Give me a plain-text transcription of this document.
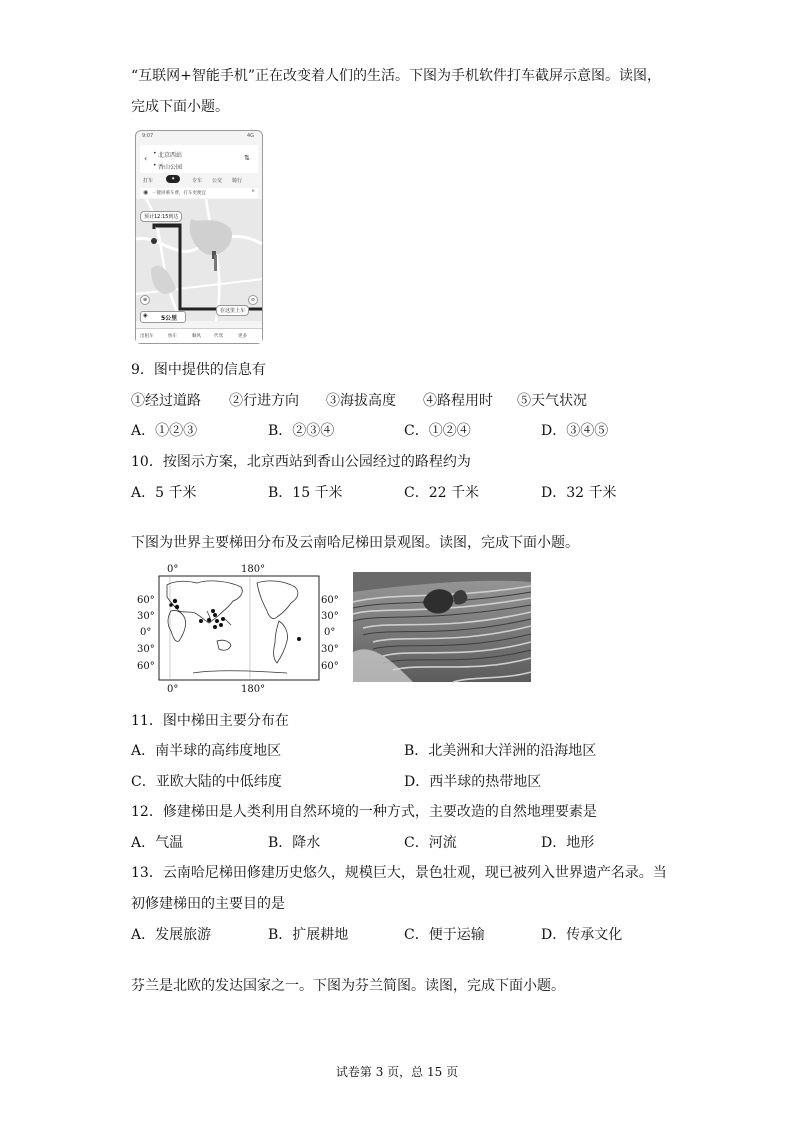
“互联网+智能手机”正在改变着人们的生活。下图为手机软件打车截屏示意图。读图，
完成下面小题。
9:07	4G
‹ 北京西站
香山公园
•
•
⇅
打车	✦	专车 公交 骑行
◉ 一键回乘车费，打车更便宜	×
预计12:15到达
在这里上车
⊕	⊙
◈ 5公里
出租车	快车	顺风	代驾	更多
9．图中提供的信息有
①经过道路 ②行进方向 ③海拔高度 ④路程用时 ⑤天气状况
A．①②③	B．②③④	C．①②④	D．③④⑤
10．按图示方案，北京西站到香山公园经过的路程约为
A．5 千米	B．15 千米	C．22 千米	D．32 千米
下图为世界主要梯田分布及云南哈尼梯田景观图。读图，完成下面小题。
0°	180°
0°	180°
60°
30°
0°
30°
60°
60°
30°
0°
30°
60°
11．图中梯田主要分布在
A．南半球的高纬度地区	B．北美洲和大洋洲的沿海地区
C．亚欧大陆的中低纬度	D．西半球的热带地区
12．修建梯田是人类利用自然环境的一种方式，主要改造的自然地理要素是
A．气温	B．降水	C．河流	D．地形
13．云南哈尼梯田修建历史悠久，规模巨大，景色壮观，现已被列入世界遗产名录。当
初修建梯田的主要目的是
A．发展旅游	B．扩展耕地	C．便于运输	D．传承文化
芬兰是北欧的发达国家之一。下图为芬兰简图。读图，完成下面小题。
试卷第 3 页，总 15 页
